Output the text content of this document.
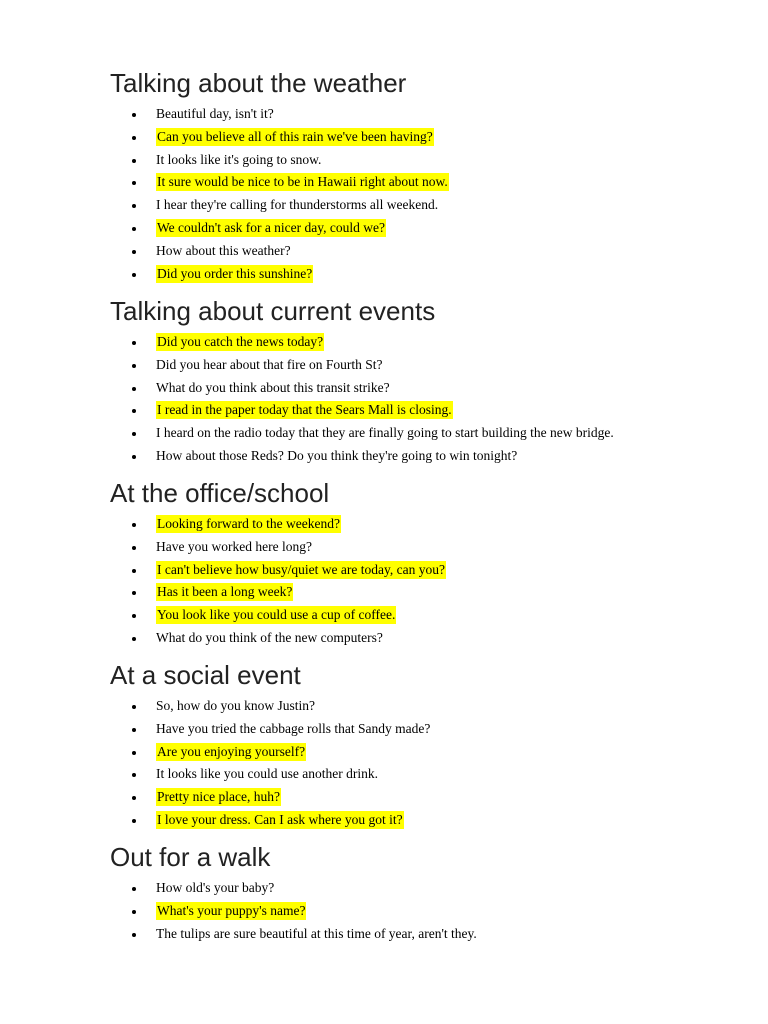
Talking about the weather
Beautiful day, isn't it?
Can you believe all of this rain we've been having?
It looks like it's going to snow.
It sure would be nice to be in Hawaii right about now.
I hear they're calling for thunderstorms all weekend.
We couldn't ask for a nicer day, could we?
How about this weather?
Did you order this sunshine?
Talking about current events
Did you catch the news today?
Did you hear about that fire on Fourth St?
What do you think about this transit strike?
I read in the paper today that the Sears Mall is closing.
I heard on the radio today that they are finally going to start building the new bridge.
How about those Reds? Do you think they're going to win tonight?
At the office/school
Looking forward to the weekend?
Have you worked here long?
I can't believe how busy/quiet we are today, can you?
Has it been a long week?
You look like you could use a cup of coffee.
What do you think of the new computers?
At a social event
So, how do you know Justin?
Have you tried the cabbage rolls that Sandy made?
Are you enjoying yourself?
It looks like you could use another drink.
Pretty nice place, huh?
I love your dress. Can I ask where you got it?
Out for a walk
How old's your baby?
What's your puppy's name?
The tulips are sure beautiful at this time of year, aren't they.
